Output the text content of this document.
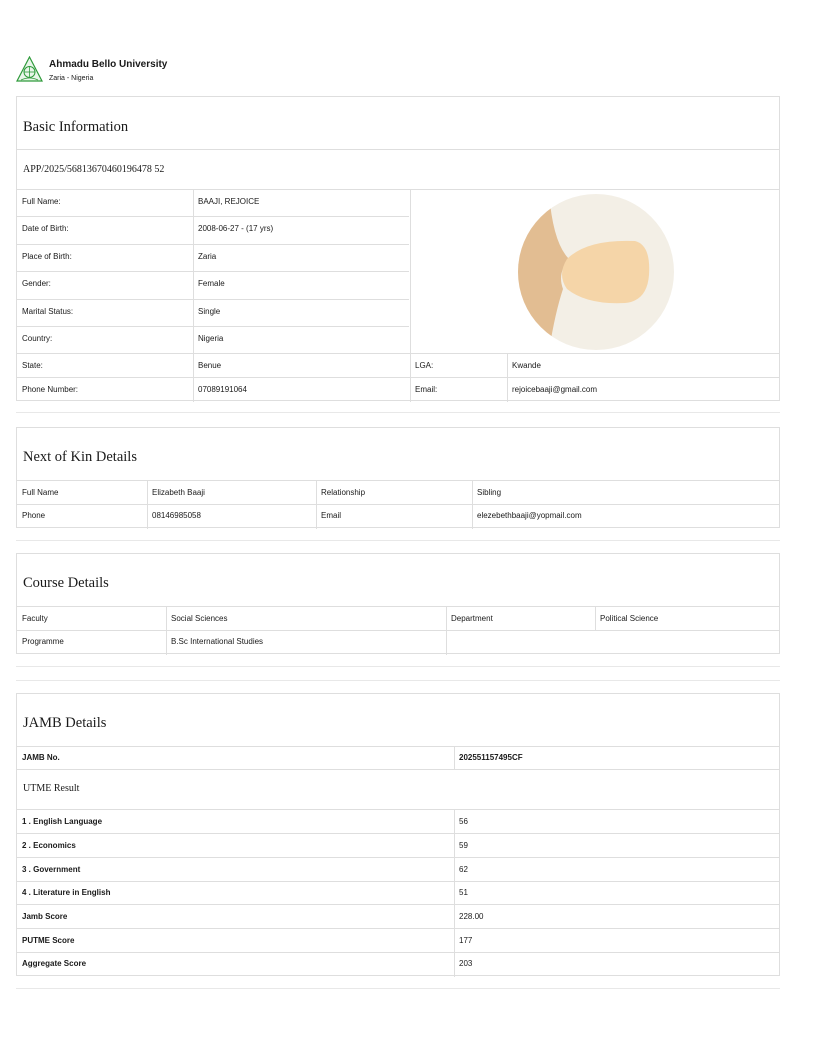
Ahmadu Bello University
Zaria - Nigeria
Basic Information
APP/2025/56813670460196478 52
Full Name:	BAAJI, REJOICE
Date of Birth:	2008-06-27 - (17 yrs)
Place of Birth:	Zaria
Gender:	Female
Marital Status:	Single
Country:	Nigeria
State:	Benue	LGA:	Kwande
Phone Number:	07089191064	Email:	rejoicebaaji@gmail.com
Next of Kin Details
Full Name	Elizabeth Baaji	Relationship	Sibling
Phone	08146985058	Email	elezebethbaaji@yopmail.com
Course Details
Faculty	Social Sciences	Department	Political Science
Programme	B.Sc International Studies
JAMB Details
JAMB No.	202551157495CF
UTME Result
1 . English Language	56
2 . Economics	59
3 . Government	62
4 . Literature in English	51
Jamb Score	228.00
PUTME Score	177
Aggregate Score	203
